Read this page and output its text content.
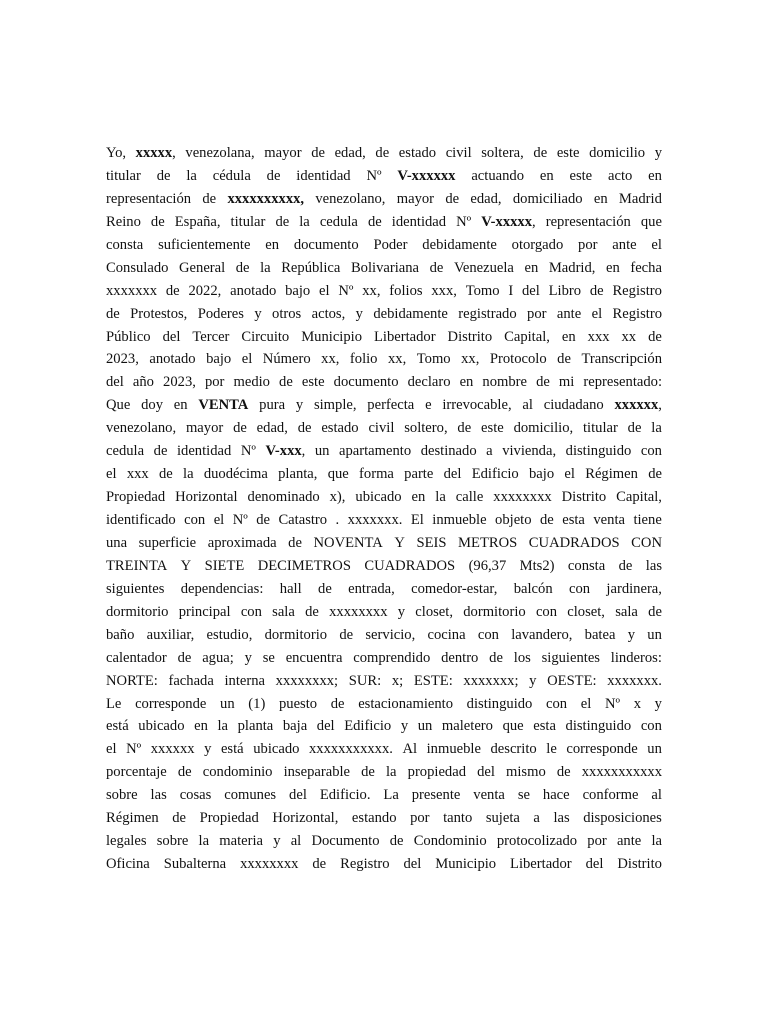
Yo, xxxxx, venezolana, mayor de edad, de estado civil soltera, de este domicilio y
titular de la cédula de identidad Nº V-xxxxxx actuando en este acto en
representación de xxxxxxxxxx, venezolano, mayor de edad, domiciliado en Madrid
Reino de España, titular de la cedula de identidad Nº V-xxxxx, representación que
consta suficientemente en documento Poder debidamente otorgado por ante el
Consulado General de la República Bolivariana de Venezuela en Madrid, en fecha
xxxxxxx de 2022, anotado bajo el Nº xx, folios xxx, Tomo I del Libro de Registro
de Protestos, Poderes y otros actos, y debidamente registrado por ante el Registro
Público del Tercer Circuito Municipio Libertador Distrito Capital, en xxx xx de
2023, anotado bajo el Número xx, folio xx, Tomo xx, Protocolo de Transcripción
del año 2023, por medio de este documento declaro en nombre de mi representado:
Que doy en VENTA pura y simple, perfecta e irrevocable, al ciudadano xxxxxx,
venezolano, mayor de edad, de estado civil soltero, de este domicilio, titular de la
cedula de identidad Nº V-xxx, un apartamento destinado a vivienda, distinguido con
el xxx de la duodécima planta, que forma parte del Edificio bajo el Régimen de
Propiedad Horizontal denominado x), ubicado en la calle xxxxxxxx Distrito Capital,
identificado con el Nº de Catastro . xxxxxxx. El inmueble objeto de esta venta tiene
una superficie aproximada de NOVENTA Y SEIS METROS CUADRADOS CON
TREINTA Y SIETE DECIMETROS CUADRADOS (96,37 Mts2) consta de las
siguientes dependencias: hall de entrada, comedor-estar, balcón con jardinera,
dormitorio principal con sala de xxxxxxxx y closet, dormitorio con closet, sala de
baño auxiliar, estudio, dormitorio de servicio, cocina con lavandero, batea y un
calentador de agua; y se encuentra comprendido dentro de los siguientes linderos:
NORTE: fachada interna xxxxxxxx; SUR: x; ESTE: xxxxxxx; y OESTE: xxxxxxx.
Le corresponde un (1) puesto de estacionamiento distinguido con el Nº x y
está ubicado en la planta baja del Edificio y un maletero que esta distinguido con
el Nº xxxxxx y está ubicado xxxxxxxxxxx. Al inmueble descrito le corresponde un
porcentaje de condominio inseparable de la propiedad del mismo de xxxxxxxxxxx
sobre las cosas comunes del Edificio. La presente venta se hace conforme al
Régimen de Propiedad Horizontal, estando por tanto sujeta a las disposiciones
legales sobre la materia y al Documento de Condominio protocolizado por ante la
Oficina Subalterna xxxxxxxx de Registro del Municipio Libertador del Distrito
